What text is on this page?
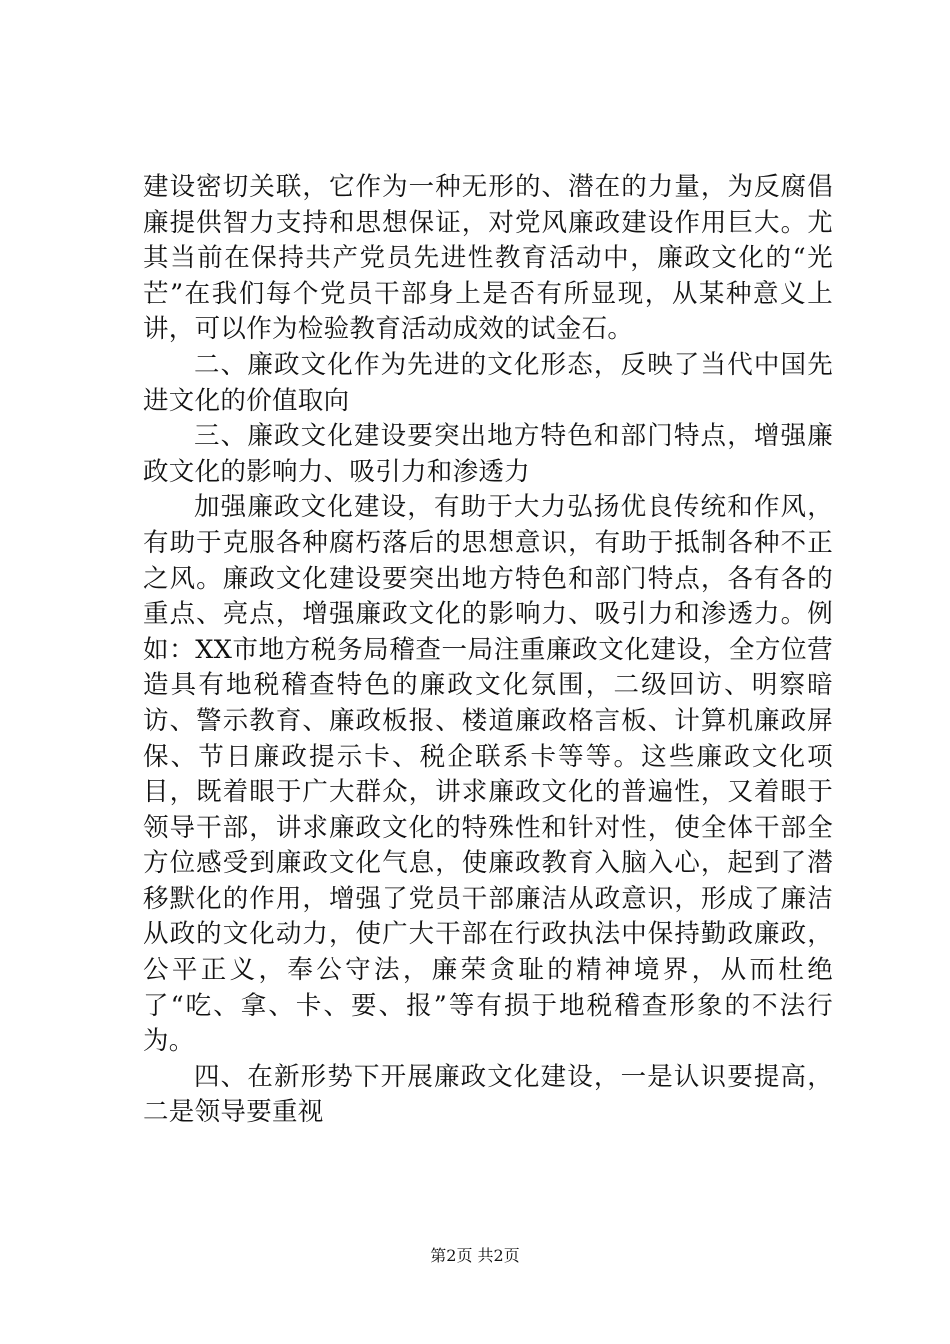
建设密切关联，它作为一种无形的、潜在的力量，为反腐倡廉提供智力支持和思想保证，对党风廉政建设作用巨大。尤其当前在保持共产党员先进性教育活动中，廉政文化的“光芒”在我们每个党员干部身上是否有所显现，从某种意义上讲，可以作为检验教育活动成效的试金石。

二、廉政文化作为先进的文化形态，反映了当代中国先进文化的价值取向

三、廉政文化建设要突出地方特色和部门特点，增强廉政文化的影响力、吸引力和渗透力

加强廉政文化建设，有助于大力弘扬优良传统和作风，有助于克服各种腐朽落后的思想意识，有助于抵制各种不正之风。廉政文化建设要突出地方特色和部门特点，各有各的重点、亮点，增强廉政文化的影响力、吸引力和渗透力。例如：XX市地方税务局稽查一局注重廉政文化建设，全方位营造具有地税稽查特色的廉政文化氛围，二级回访、明察暗访、警示教育、廉政板报、楼道廉政格言板、计算机廉政屏保、节日廉政提示卡、税企联系卡等等。这些廉政文化项目，既着眼于广大群众，讲求廉政文化的普遍性，又着眼于领导干部，讲求廉政文化的特殊性和针对性，使全体干部全方位感受到廉政文化气息，使廉政教育入脑入心，起到了潜移默化的作用，增强了党员干部廉洁从政意识，形成了廉洁从政的文化动力，使广大干部在行政执法中保持勤政廉政，公平正义，奉公守法，廉荣贪耻的精神境界，从而杜绝了“吃、拿、卡、要、报”等有损于地税稽查形象的不法行为。

四、在新形势下开展廉政文化建设，一是认识要提高，二是领导要重视

第2页 共2页
